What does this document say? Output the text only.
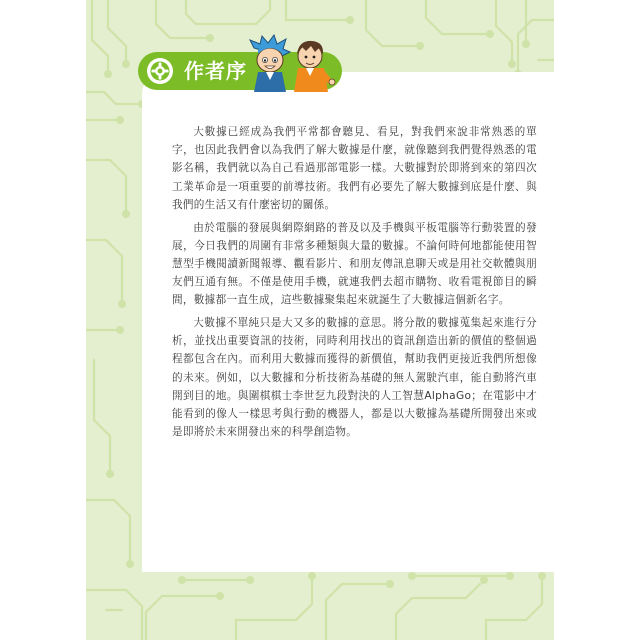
作者序

大數據已經成為我們平常都會聽見、看見，對我們來說非常熟悉的單字，也因此我們會以為我們了解大數據是什麼，就像聽到我們覺得熟悉的電影名稱，我們就以為自己看過那部電影一樣。大數據對於即將到來的第四次工業革命是一項重要的前導技術。我們有必要先了解大數據到底是什麼、與我們的生活又有什麼密切的關係。

由於電腦的發展與網際網路的普及以及手機與平板電腦等行動裝置的發展，今日我們的周圍有非常多種類與大量的數據。不論何時何地都能使用智慧型手機閱讀新聞報導、觀看影片、和朋友傳訊息聊天或是用社交軟體與朋友們互通有無。不僅是使用手機，就連我們去超市購物、收看電視節目的瞬間，數據都一直生成，這些數據聚集起來就誕生了大數據這個新名字。

大數據不單純只是大又多的數據的意思。將分散的數據蒐集起來進行分析，並找出重要資訊的技術，同時利用找出的資訊創造出新的價值的整個過程都包含在內。而利用大數據而獲得的新價值，幫助我們更接近我們所想像的未來。例如，以大數據和分析技術為基礎的無人駕駛汽車，能自動將汽車開到目的地。與圍棋棋士李世乭九段對決的人工智慧AlphaGo；在電影中才能看到的像人一樣思考與行動的機器人，都是以大數據為基礎所開發出來或是即將於未來開發出來的科學創造物。
